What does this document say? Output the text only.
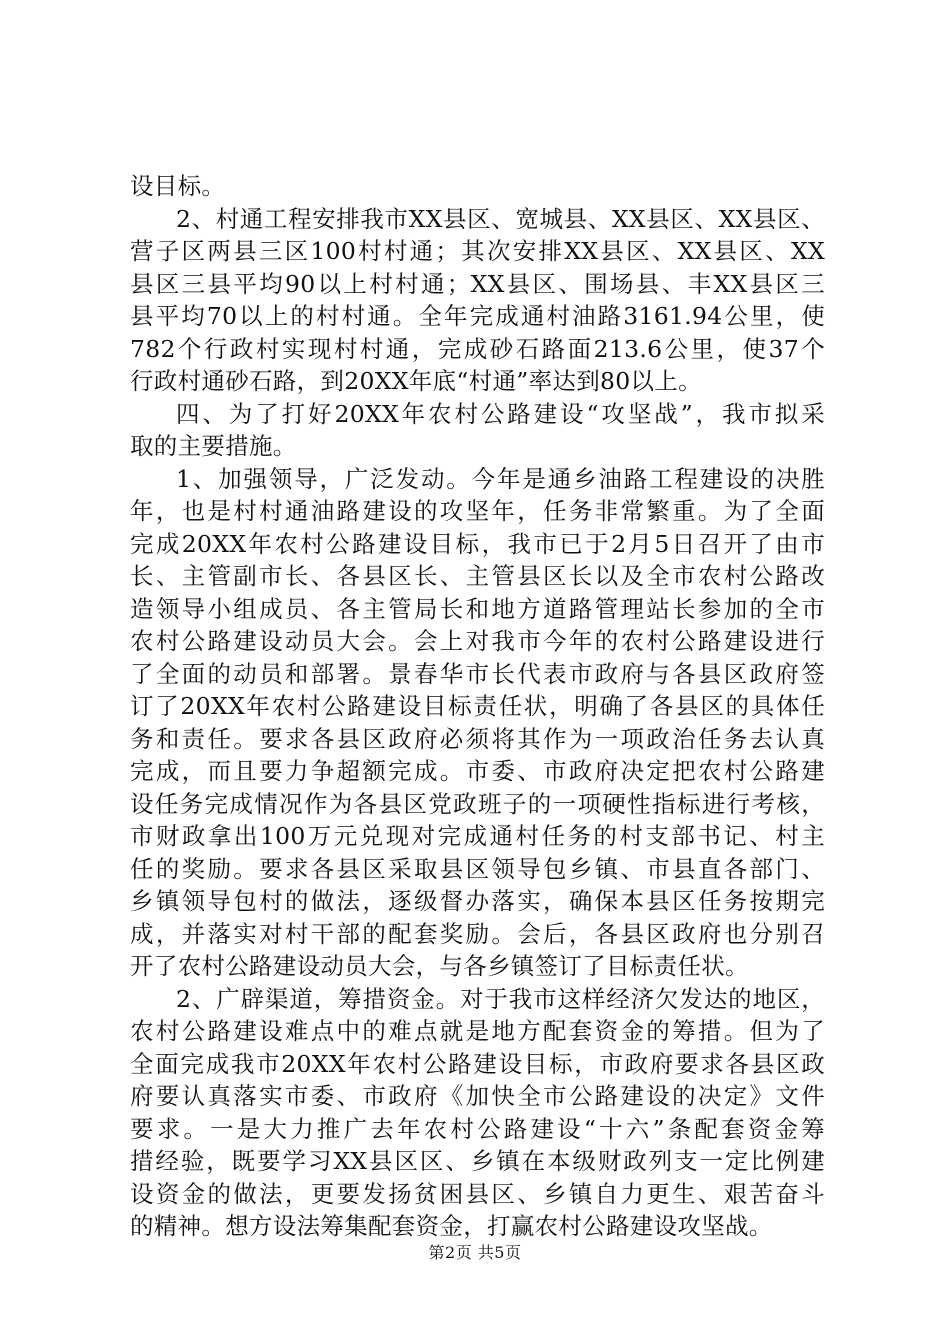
设目标。
2、村通工程安排我市XX县区、宽城县、XX县区、XX县区、
营子区两县三区100村村通；其次安排XX县区、XX县区、XX
县区三县平均90以上村村通；XX县区、围场县、丰XX县区三
县平均70以上的村村通。全年完成通村油路3161.94公里，使
782个行政村实现村村通，完成砂石路面213.6公里，使37个
行政村通砂石路，到20XX年底“村通”率达到80以上。
四、为了打好20XX年农村公路建设“攻坚战”，我市拟采
取的主要措施。
1、加强领导，广泛发动。今年是通乡油路工程建设的决胜
年，也是村村通油路建设的攻坚年，任务非常繁重。为了全面
完成20XX年农村公路建设目标，我市已于2月5日召开了由市
长、主管副市长、各县区长、主管县区长以及全市农村公路改
造领导小组成员、各主管局长和地方道路管理站长参加的全市
农村公路建设动员大会。会上对我市今年的农村公路建设进行
了全面的动员和部署。景春华市长代表市政府与各县区政府签
订了20XX年农村公路建设目标责任状，明确了各县区的具体任
务和责任。要求各县区政府必须将其作为一项政治任务去认真
完成，而且要力争超额完成。市委、市政府决定把农村公路建
设任务完成情况作为各县区党政班子的一项硬性指标进行考核，
市财政拿出100万元兑现对完成通村任务的村支部书记、村主
任的奖励。要求各县区采取县区领导包乡镇、市县直各部门、
乡镇领导包村的做法，逐级督办落实，确保本县区任务按期完
成，并落实对村干部的配套奖励。会后，各县区政府也分别召
开了农村公路建设动员大会，与各乡镇签订了目标责任状。
2、广辟渠道，筹措资金。对于我市这样经济欠发达的地区，
农村公路建设难点中的难点就是地方配套资金的筹措。但为了
全面完成我市20XX年农村公路建设目标，市政府要求各县区政
府要认真落实市委、市政府《加快全市公路建设的决定》文件
要求。一是大力推广去年农村公路建设“十六”条配套资金筹
措经验，既要学习XX县区区、乡镇在本级财政列支一定比例建
设资金的做法，更要发扬贫困县区、乡镇自力更生、艰苦奋斗
的精神。想方设法筹集配套资金，打赢农村公路建设攻坚战。
第2页 共5页
